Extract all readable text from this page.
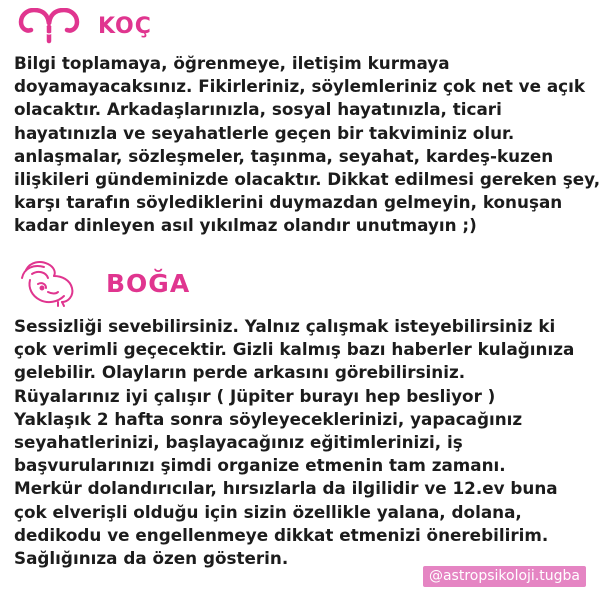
KOÇ
Bilgi toplamaya, öğrenmeye, iletişim kurmaya
doyamayacaksınız. Fikirleriniz, söylemleriniz çok net ve açık
olacaktır. Arkadaşlarınızla, sosyal hayatınızla, ticari
hayatınızla ve seyahatlerle geçen bir takviminiz olur.
anlaşmalar, sözleşmeler, taşınma, seyahat, kardeş-kuzen
ilişkileri gündeminizde olacaktır. Dikkat edilmesi gereken şey,
karşı tarafın söylediklerini duymazdan gelmeyin, konuşan
kadar dinleyen asıl yıkılmaz olandır unutmayın ;)
BOĞA
Sessizliği sevebilirsiniz. Yalnız çalışmak isteyebilirsiniz ki
çok verimli geçecektir. Gizli kalmış bazı haberler kulağınıza
gelebilir. Olayların perde arkasını görebilirsiniz.
Rüyalarınız iyi çalışır ( Jüpiter burayı hep besliyor )
Yaklaşık 2 hafta sonra söyleyeceklerinizi, yapacağınız
seyahatlerinizi, başlayacağınız eğitimlerinizi, iş
başvurularınızı şimdi organize etmenin tam zamanı.
Merkür dolandırıcılar, hırsızlarla da ilgilidir ve 12.ev buna
çok elverişli olduğu için sizin özellikle yalana, dolana,
dedikodu ve engellenmeye dikkat etmenizi önerebilirim.
Sağlığınıza da özen gösterin.
@astropsikoloji.tugba
